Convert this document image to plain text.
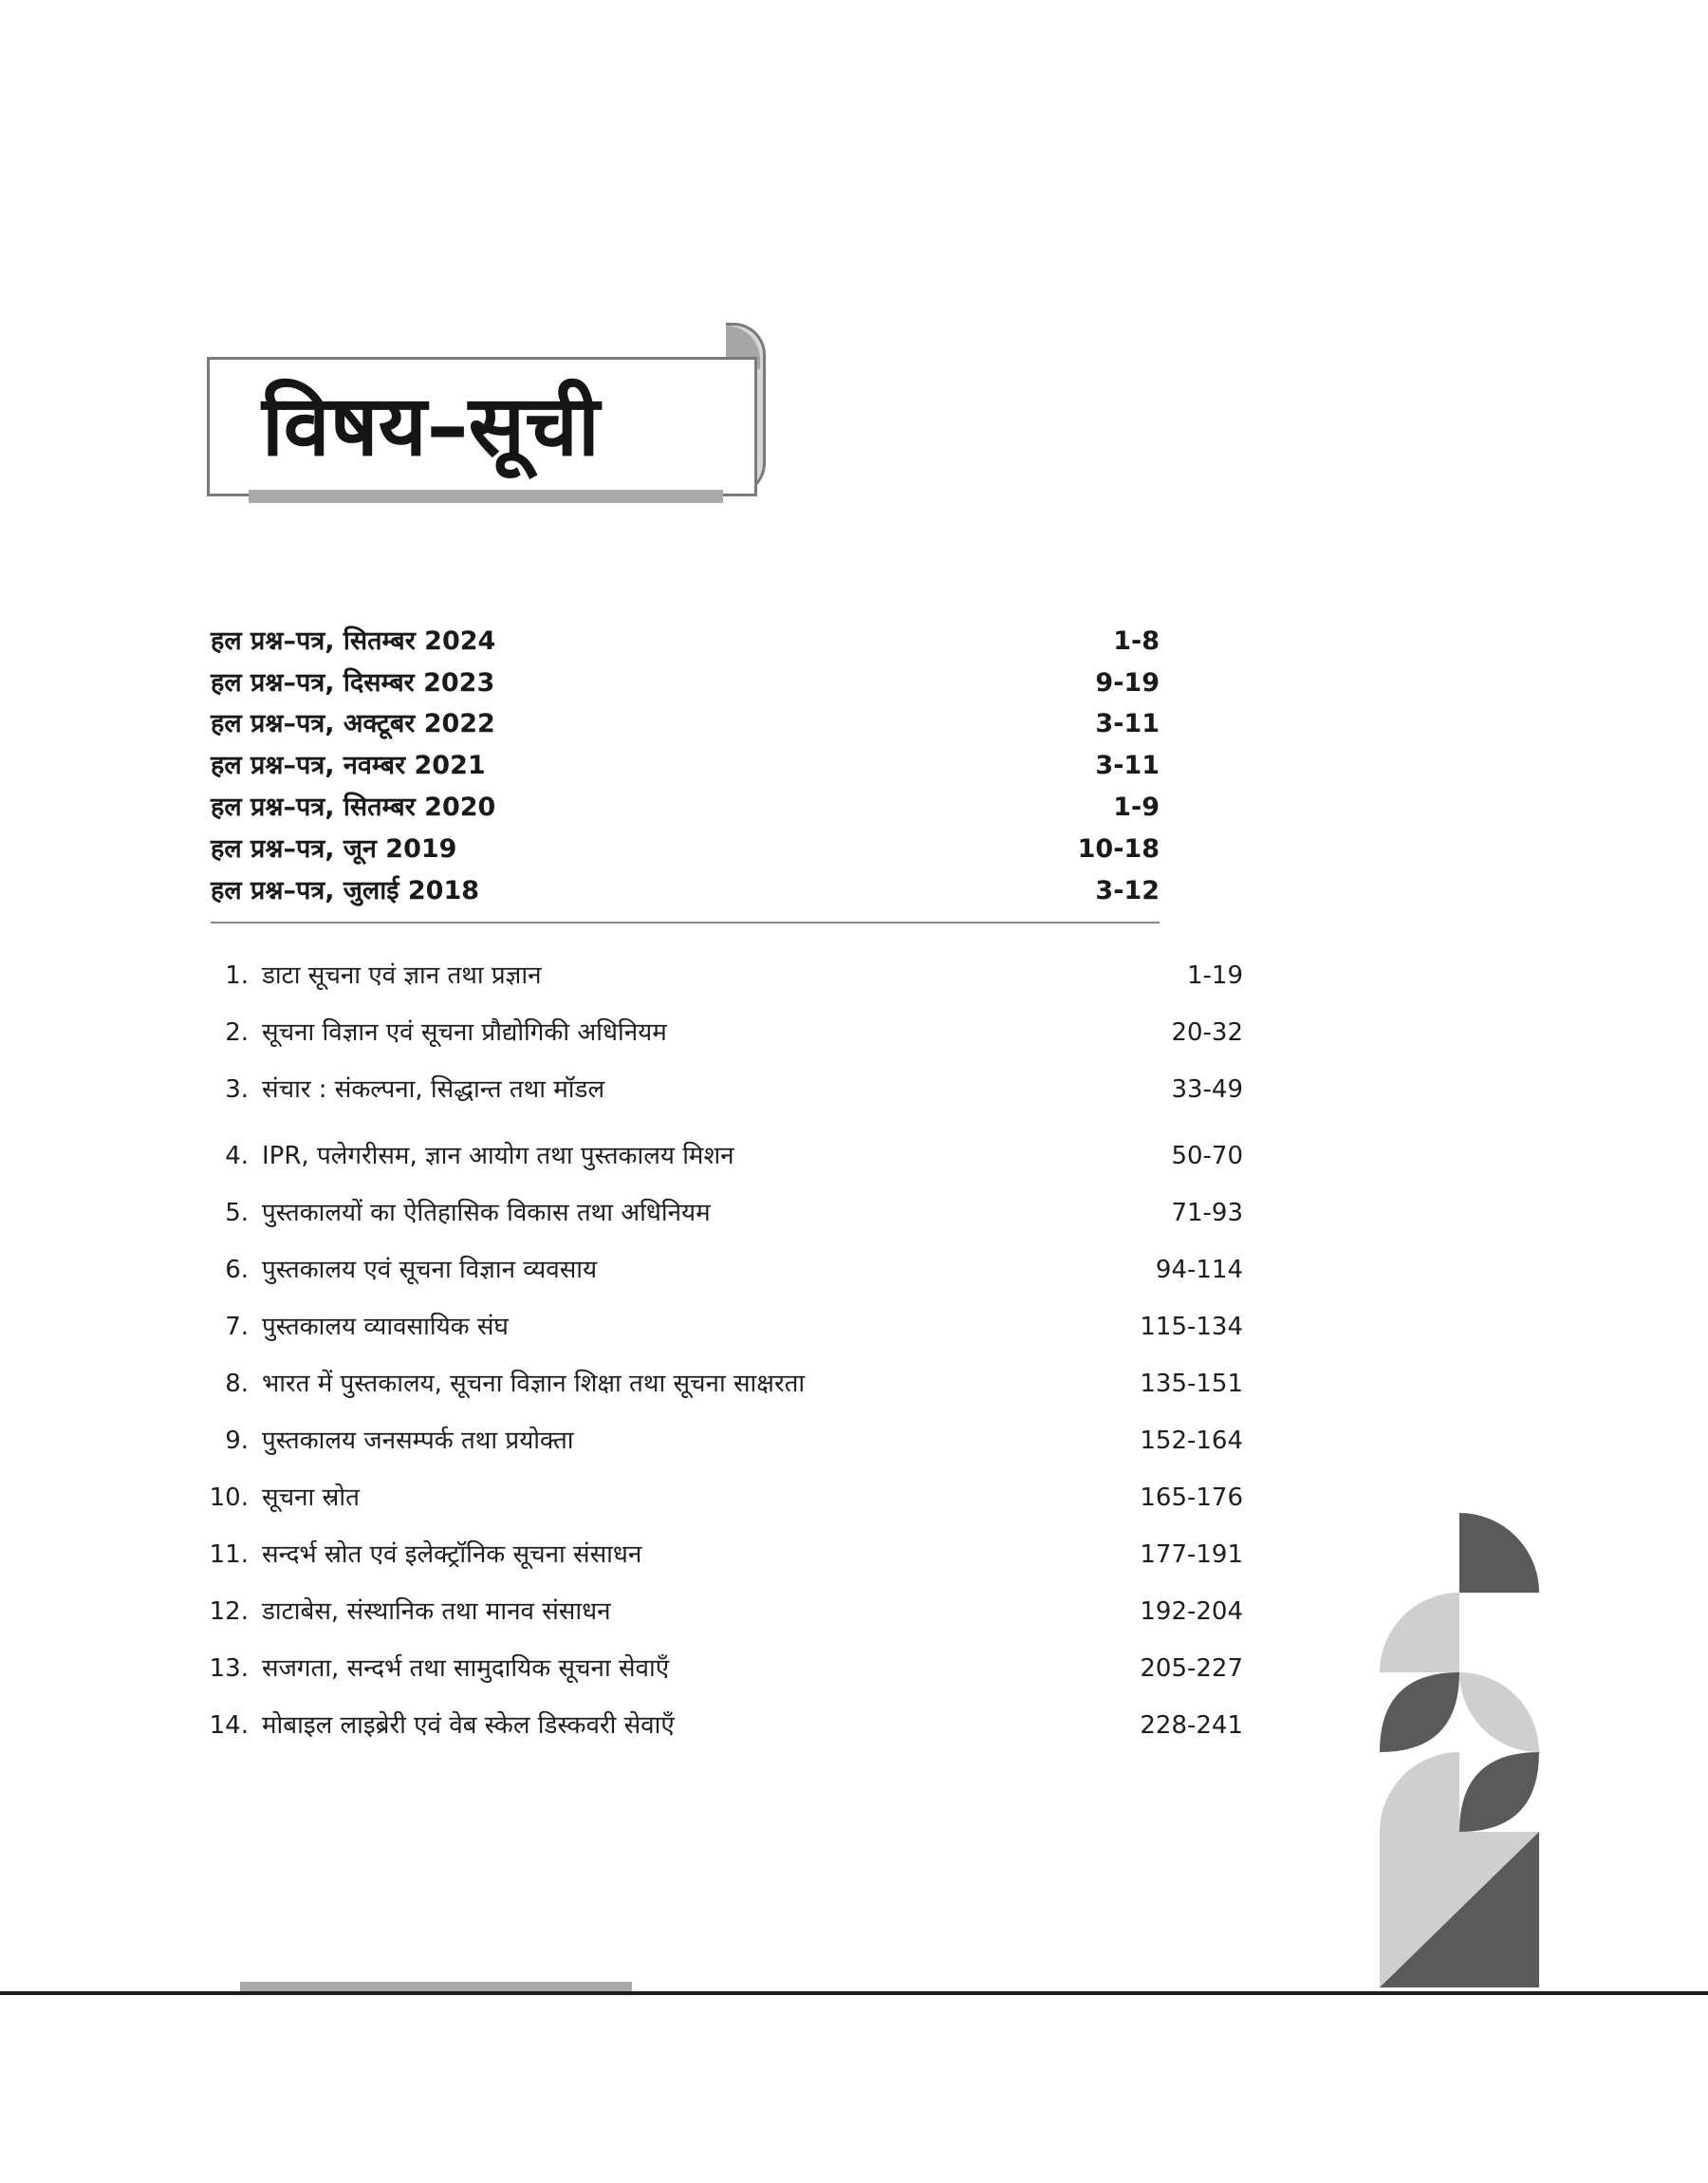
विषय–सूची
हल प्रश्न–पत्र, सितम्बर 2024	1-8
हल प्रश्न–पत्र, दिसम्बर 2023	9-19
हल प्रश्न–पत्र, अक्टूबर 2022	3-11
हल प्रश्न–पत्र, नवम्बर 2021	3-11
हल प्रश्न–पत्र, सितम्बर 2020	1-9
हल प्रश्न–पत्र, जून 2019	10-18
हल प्रश्न–पत्र, जुलाई 2018	3-12
1. डाटा सूचना एवं ज्ञान तथा प्रज्ञान	1-19
2. सूचना विज्ञान एवं सूचना प्रौद्योगिकी अधिनियम	20-32
3. संचार : संकल्पना, सिद्धान्त तथा मॉडल	33-49
4. IPR, पलेगरीसम, ज्ञान आयोग तथा पुस्तकालय मिशन	50-70
5. पुस्तकालयों का ऐतिहासिक विकास तथा अधिनियम	71-93
6. पुस्तकालय एवं सूचना विज्ञान व्यवसाय	94-114
7. पुस्तकालय व्यावसायिक संघ	115-134
8. भारत में पुस्तकालय, सूचना विज्ञान शिक्षा तथा सूचना साक्षरता	135-151
9. पुस्तकालय जनसम्पर्क तथा प्रयोक्ता	152-164
10. सूचना स्रोत	165-176
11. सन्दर्भ स्रोत एवं इलेक्ट्रॉनिक सूचना संसाधन	177-191
12. डाटाबेस, संस्थानिक तथा मानव संसाधन	192-204
13. सजगता, सन्दर्भ तथा सामुदायिक सूचना सेवाएँ	205-227
14. मोबाइल लाइब्रेरी एवं वेब स्केल डिस्कवरी सेवाएँ	228-241
